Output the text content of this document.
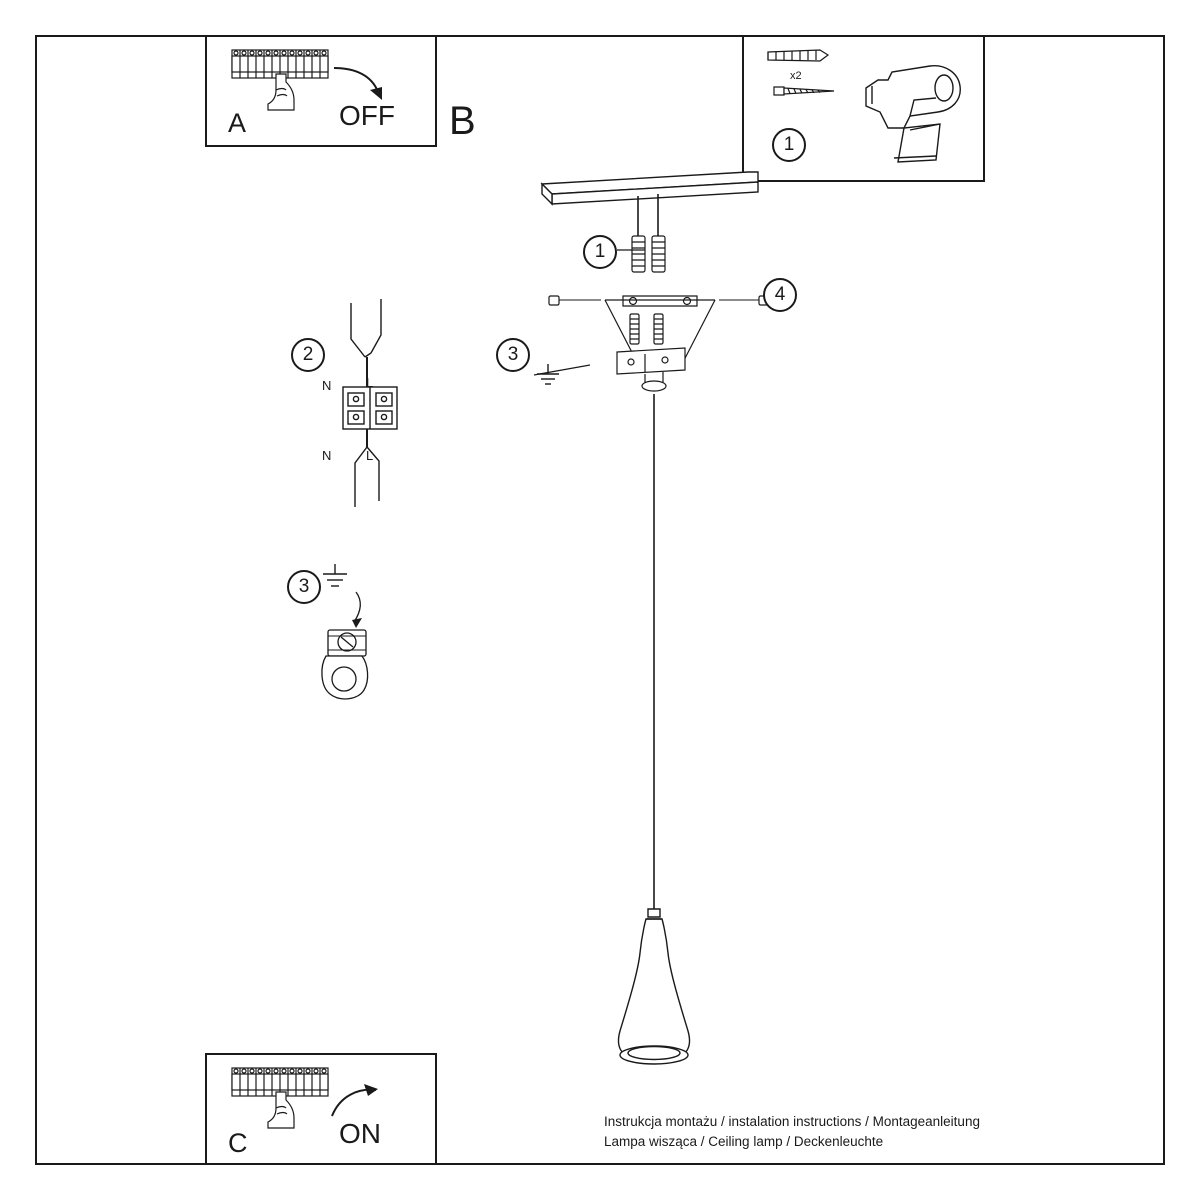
A	OFF B
1
x2
1
4
3
2
N	L
N	L
3
C	ON	Instrukcja montażu / instalation instructions / Montageanleitung
Lampa wisząca / Ceiling lamp / Deckenleuchte
